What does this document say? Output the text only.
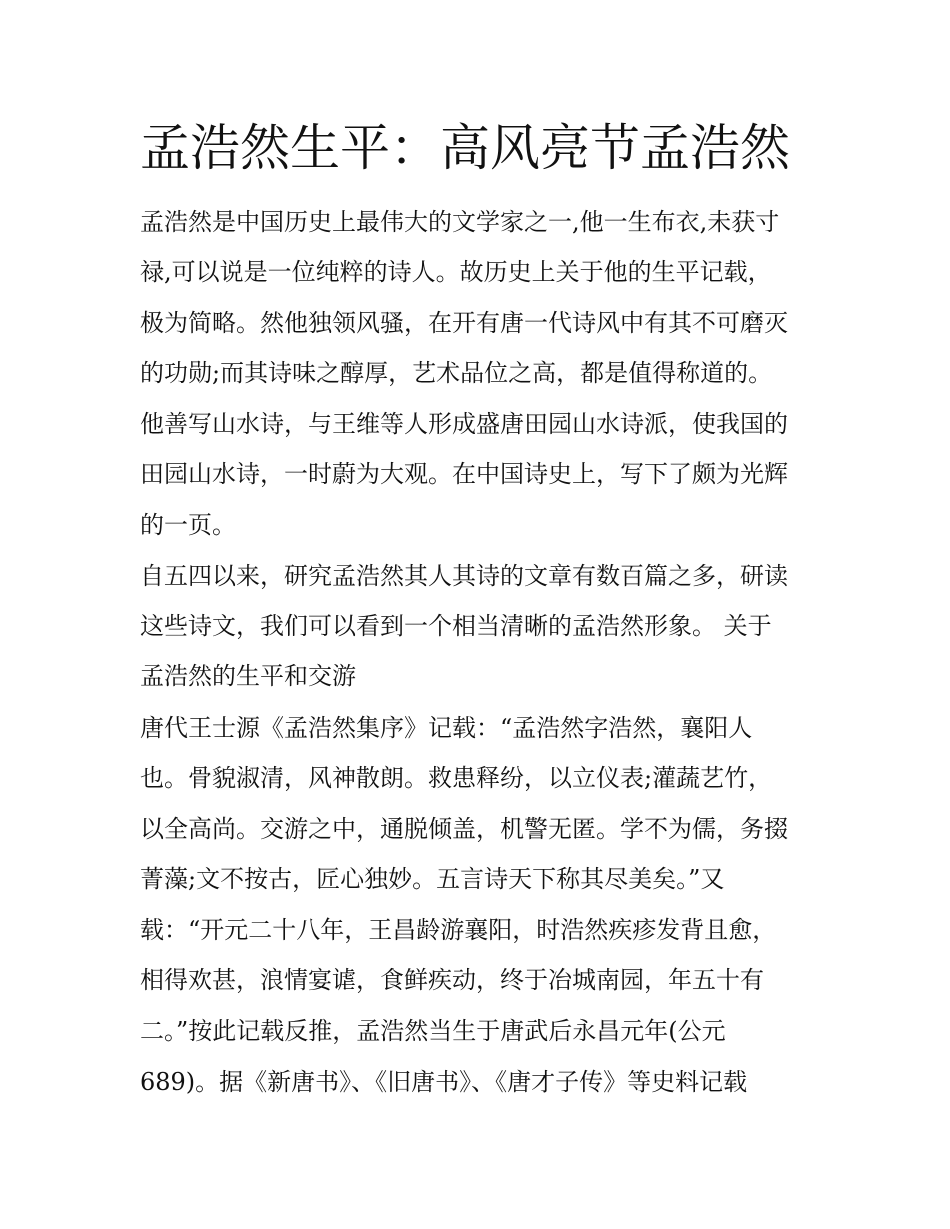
孟浩然生平：高风亮节孟浩然

孟浩然是中国历史上最伟大的文学家之一,他一生布衣,未获寸

禄,可以说是一位纯粹的诗人。故历史上关于他的生平记载，

极为简略。然他独领风骚，在开有唐一代诗风中有其不可磨灭

的功勋;而其诗味之醇厚，艺术品位之高，都是值得称道的。

他善写山水诗，与王维等人形成盛唐田园山水诗派，使我国的

田园山水诗，一时蔚为大观。在中国诗史上，写下了颇为光辉

的一页。

自五四以来，研究孟浩然其人其诗的文章有数百篇之多，研读

这些诗文，我们可以看到一个相当清晰的孟浩然形象。 关于

孟浩然的生平和交游

唐代王士源《孟浩然集序》记载：“孟浩然字浩然，襄阳人

也。骨貌淑清，风神散朗。救患释纷，以立仪表;灌蔬艺竹，

以全高尚。交游之中，通脱倾盖，机警无匿。学不为儒，务掇

菁藻;文不按古，匠心独妙。五言诗天下称其尽美矣。”又

载：“开元二十八年，王昌龄游襄阳，时浩然疾疹发背且愈，

相得欢甚，浪情宴谑，食鲜疾动，终于冶城南园，年五十有

二。”按此记载反推，孟浩然当生于唐武后永昌元年(公元

689)。据《新唐书》、《旧唐书》、《唐才子传》等史料记载
